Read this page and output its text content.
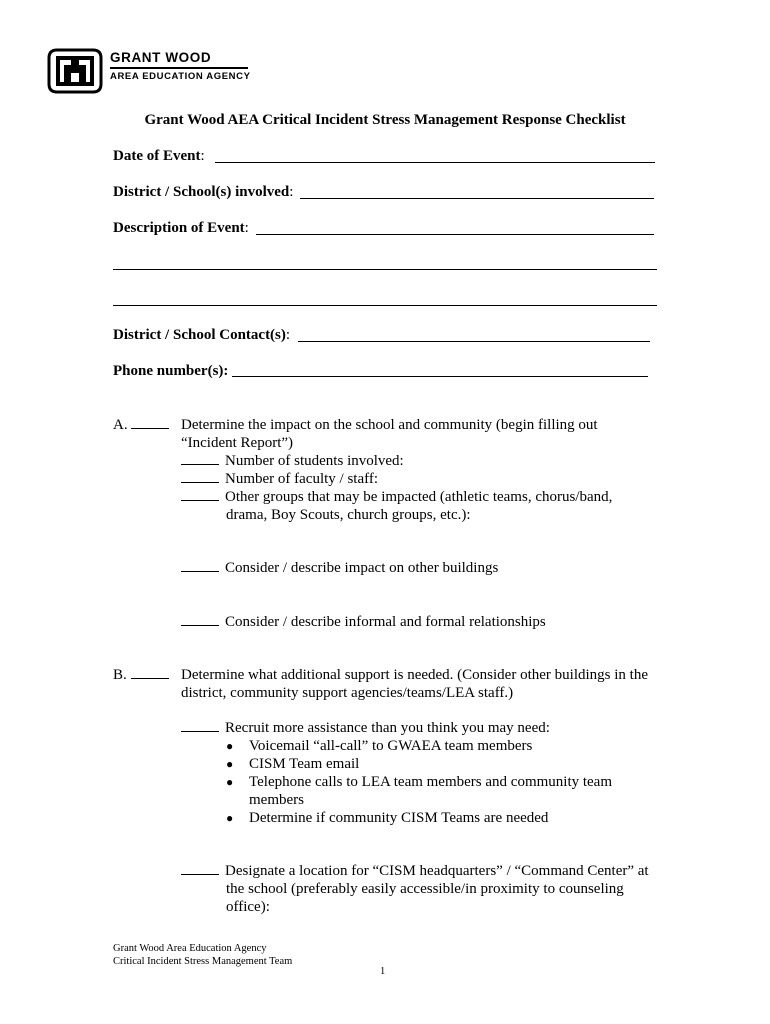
GRANT WOOD
AREA EDUCATION AGENCY
Grant Wood AEA Critical Incident Stress Management Response Checklist
Date of Event:
District / School(s) involved:
Description of Event:
District / School Contact(s):
Phone number(s):
A.	Determine the impact on the school and community (begin filling out
“Incident Report”)
Number of students involved:
Number of faculty / staff:
Other groups that may be impacted (athletic teams, chorus/band,
drama, Boy Scouts, church groups, etc.):
Consider / describe impact on other buildings
Consider / describe informal and formal relationships
B.	Determine what additional support is needed. (Consider other buildings in the
district, community support agencies/teams/LEA staff.)
Recruit more assistance than you think you may need:
● Voicemail “all-call” to GWAEA team members
● CISM Team email
● Telephone calls to LEA team members and community team
members
● Determine if community CISM Teams are needed
Designate a location for “CISM headquarters” / “Command Center” at
the school (preferably easily accessible/in proximity to counseling
office):
Grant Wood Area Education Agency
Critical Incident Stress Management Team
1
